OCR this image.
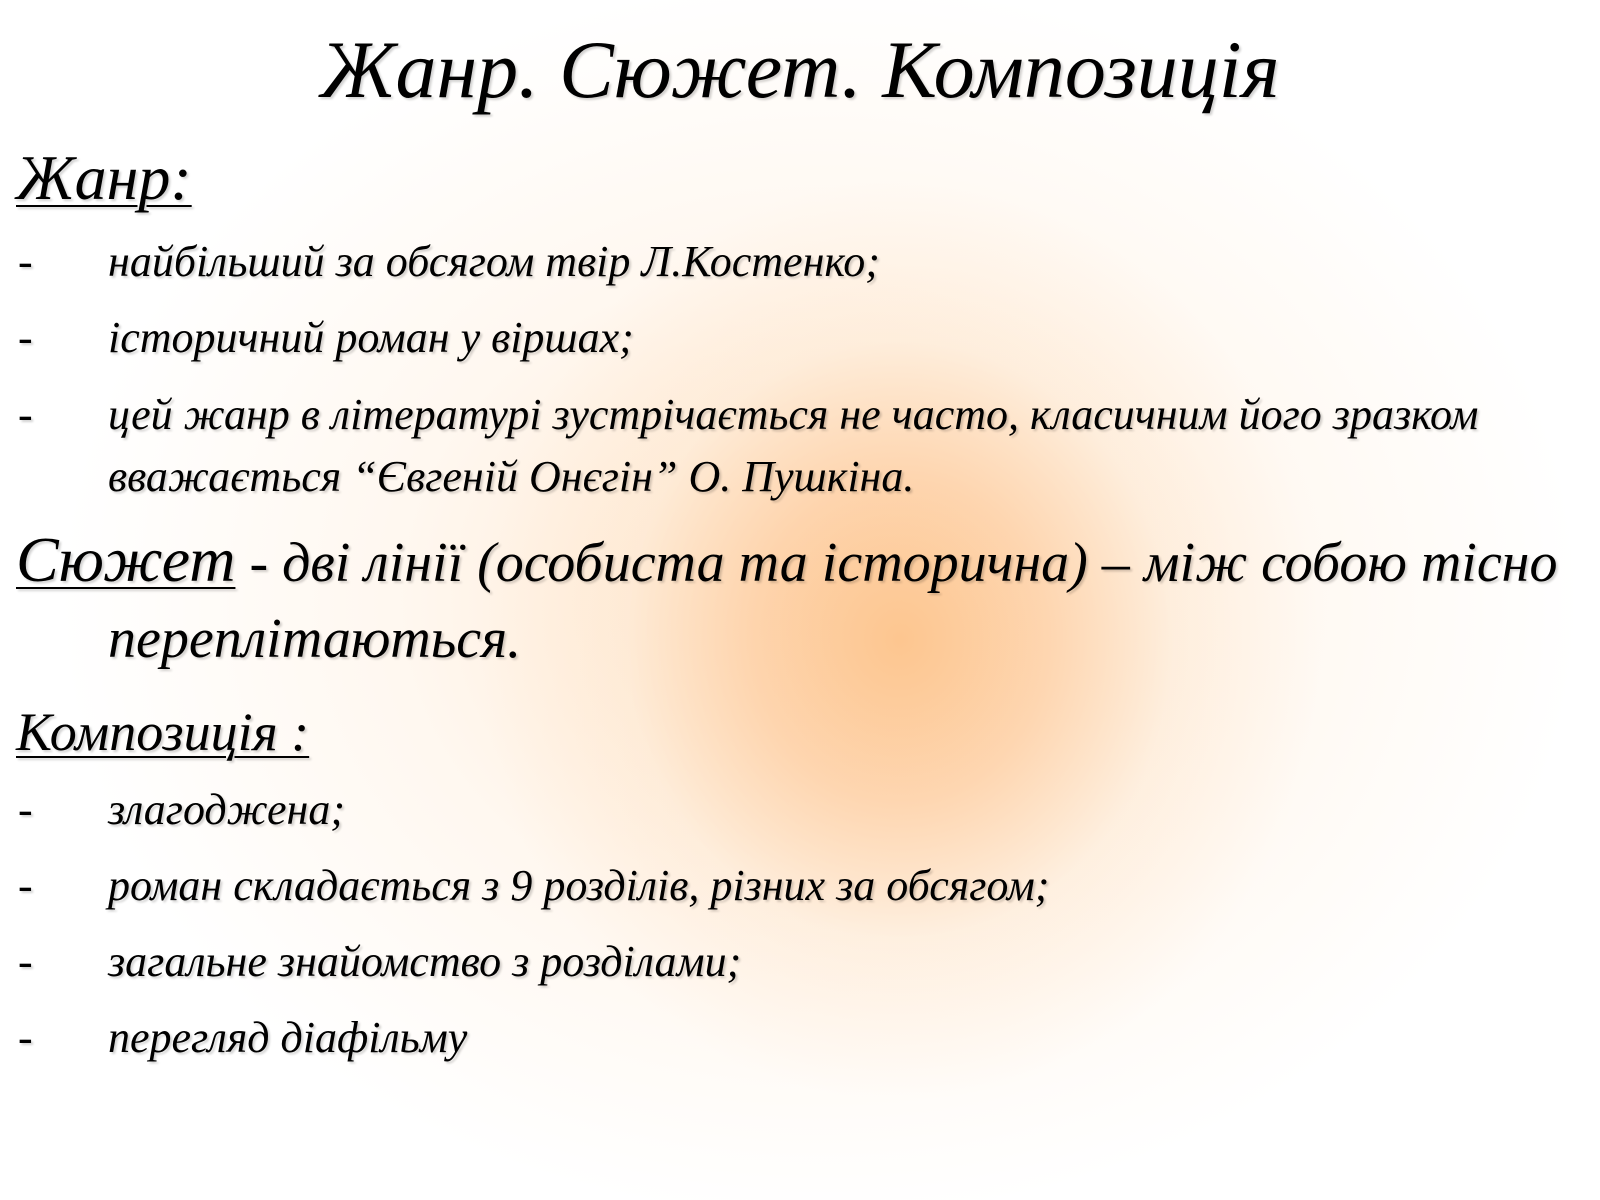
Жанр. Сюжет. Композиція
Жанр:
- найбільший за обсягом твір Л.Костенко;
- історичний роман у віршах;
- цей жанр в літературі зустрічається не часто, класичним його зразком вважається “Євгеній Онєгін” О. Пушкіна.

Сюжет - дві лінії (особиста та історична) – між собою тісно переплітаються.

Композиція :
- злагоджена;
- роман складається з 9 розділів, різних за обсягом;
- загальне знайомство з розділами;
- перегляд діафільму
